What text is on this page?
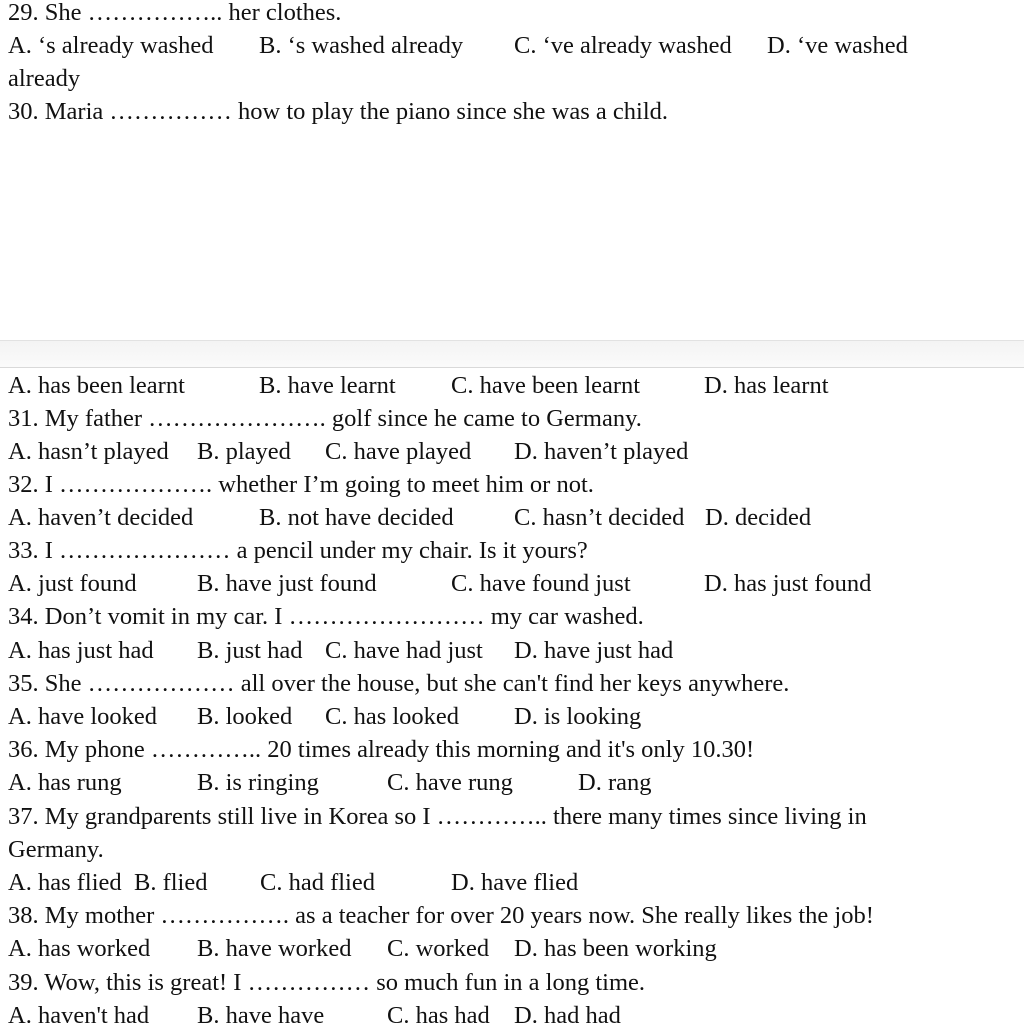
29. She …………….. her clothes.
A. ‘s already washed B. ‘s washed already C. ‘ve already washed D. ‘ve washed
already
30. Maria …………… how to play the piano since she was a child.
A. has been learnt	B. have learnt C. have been learnt	D. has learnt
31. My father …………………. golf since he came to Germany.
A. hasn’t played B. played C. have played D. haven’t played
32. I ………………. whether I’m going to meet him or not.
A. haven’t decided	B. not have decided C. hasn’t decided D. decided
33. I ………………… a pencil under my chair. Is it yours?
A. just found B. have just found	C. have found just	D. has just found
34. Don’t vomit in my car. I …………………… my car washed.
A. has just had B. just had C. have had just D. have just had
35. She ……………… all over the house, but she can't find her keys anywhere.
A. have looked B. looked C. has looked D. is looking
36. My phone ………….. 20 times already this morning and it's only 10.30!
A. has rung	B. is ringing	C. have rung	D. rang
37. My grandparents still live in Korea so I ………….. there many times since living in
Germany.
A. has flied B. flied C. had flied	D. have flied
38. My mother ……………. as a teacher for over 20 years now. She really likes the job!
A. has worked B. have worked C. worked D. has been working
39. Wow, this is great! I …………… so much fun in a long time.
A. haven't had B. have have	C. has had D. had had
